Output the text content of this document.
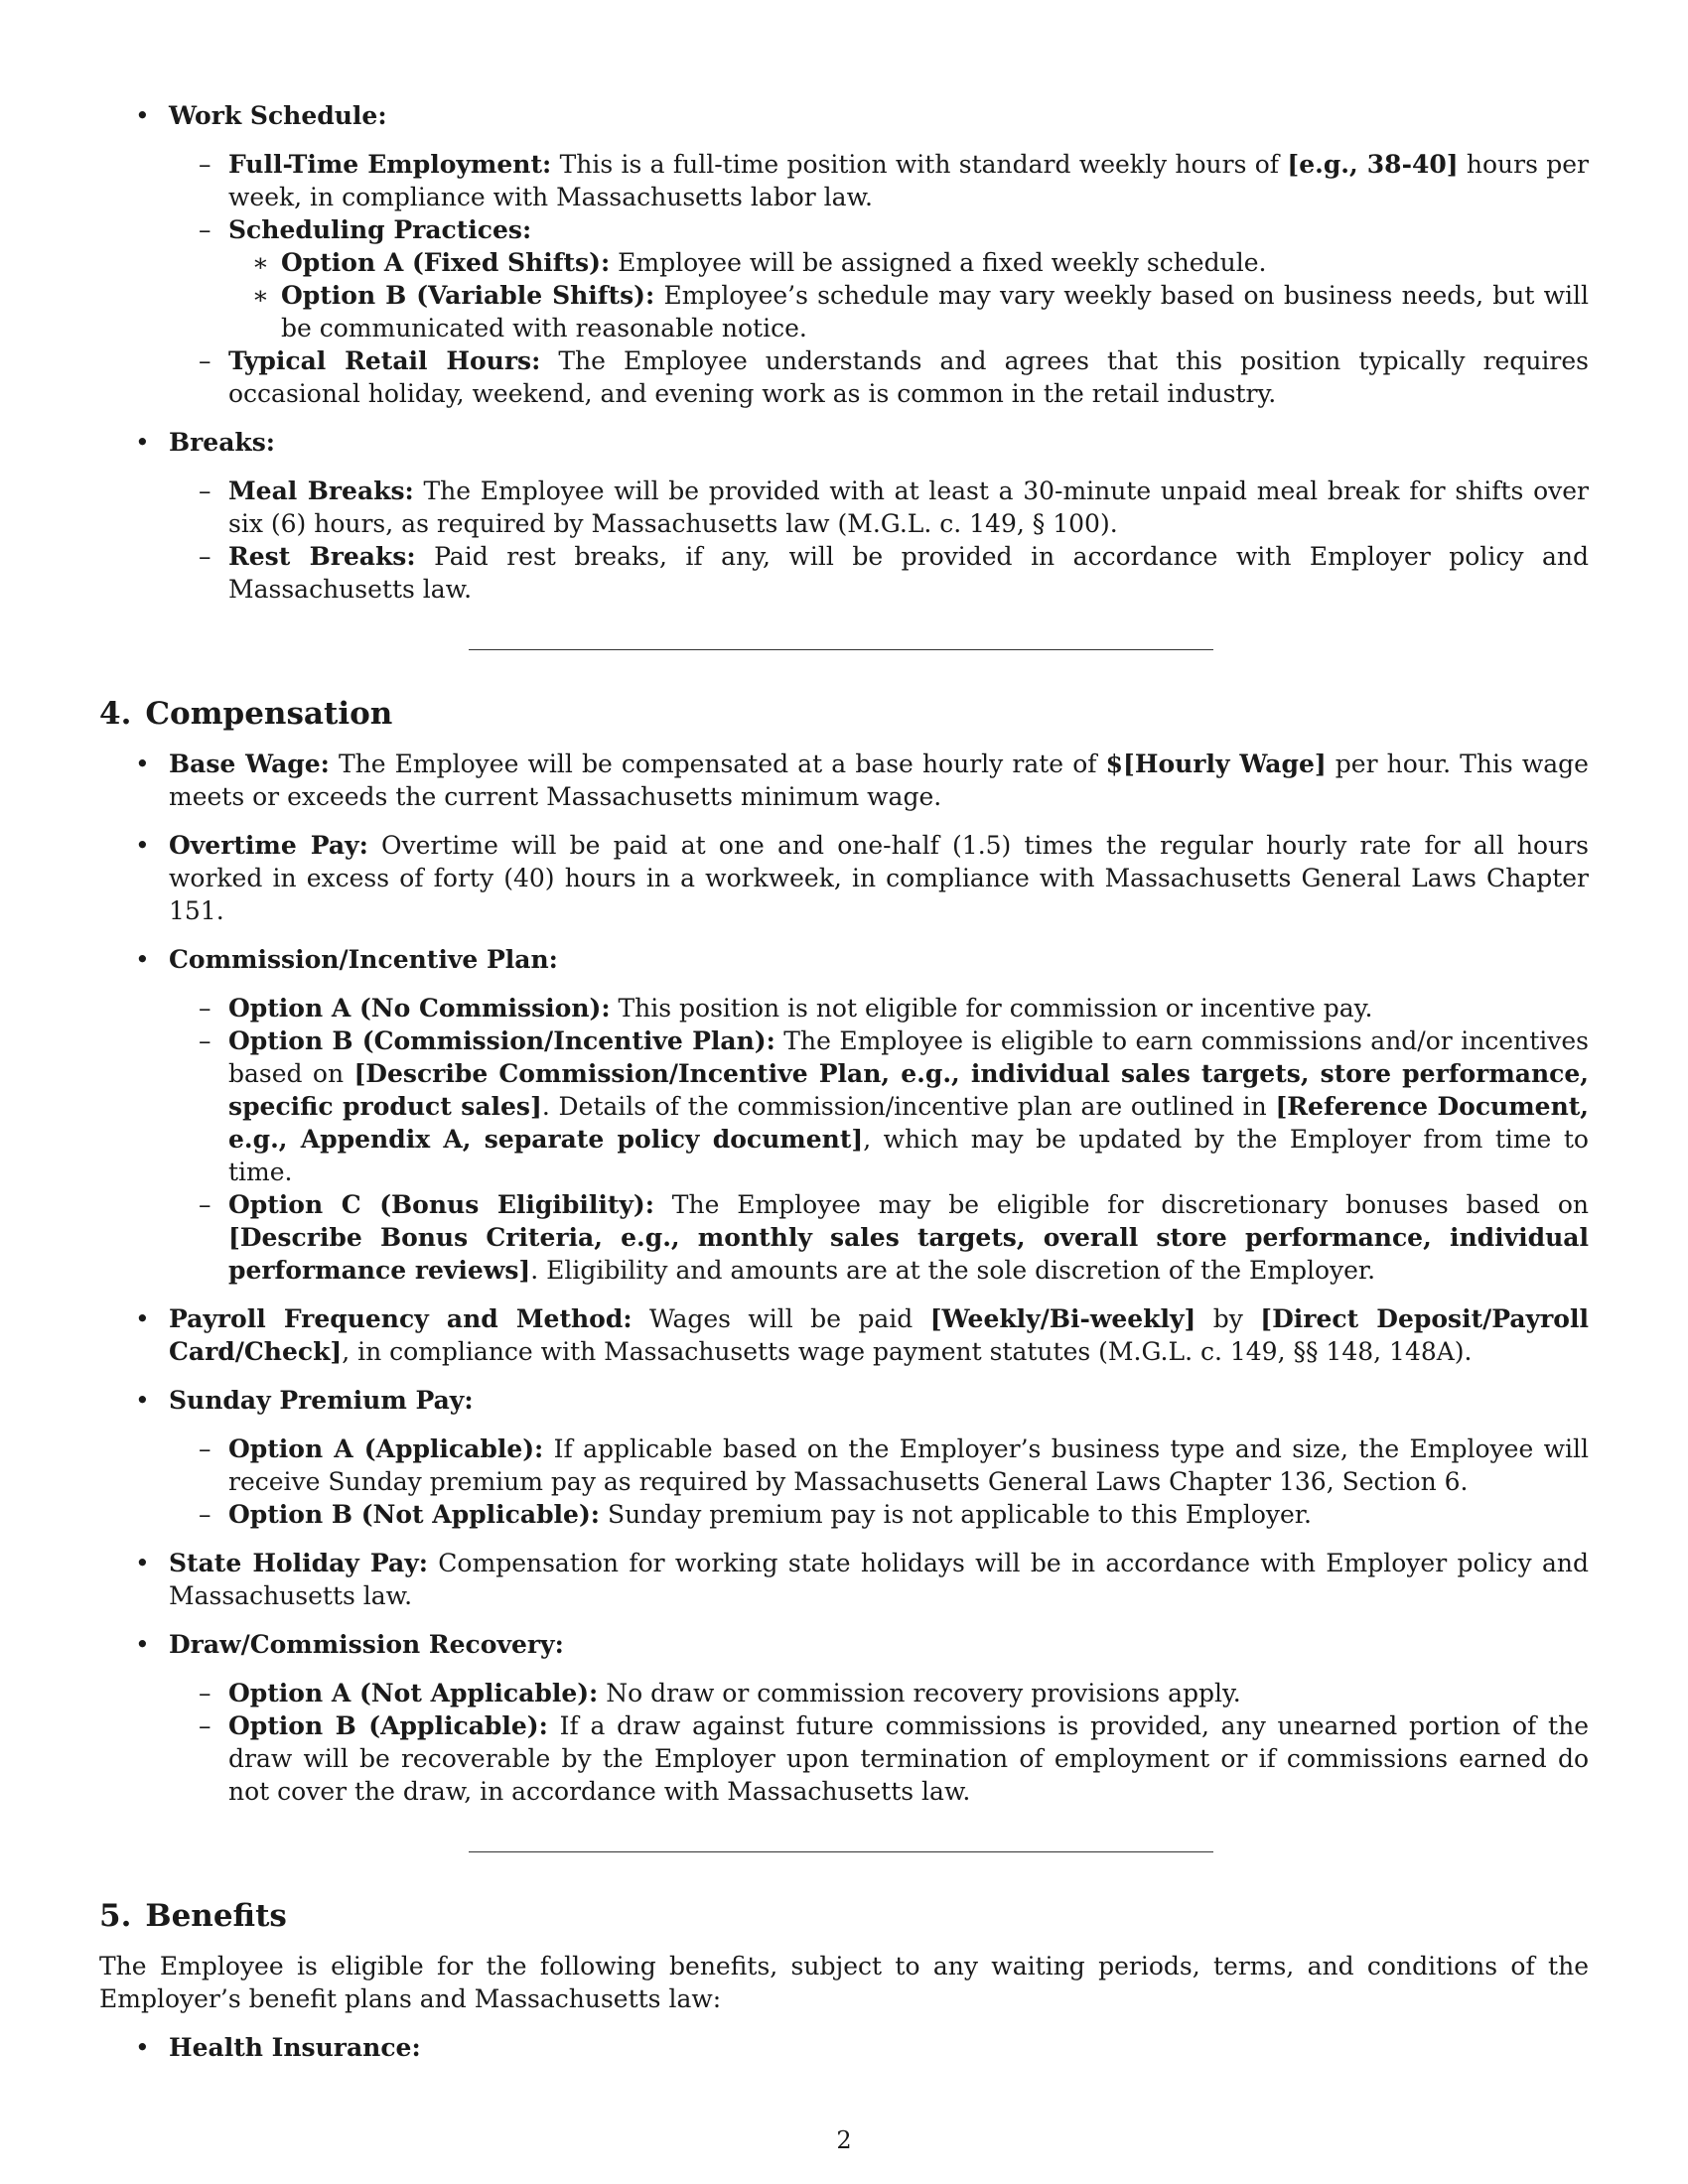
• Work Schedule:
– Full-Time Employment: This is a full-time position with standard weekly hours of [e.g., 38-40] hours per week, in compliance with Massachusetts labor law.
– Scheduling Practices:
∗ Option A (Fixed Shifts): Employee will be assigned a fixed weekly schedule.
∗ Option B (Variable Shifts): Employee’s schedule may vary weekly based on business needs, but will be communicated with reasonable notice.
– Typical Retail Hours: The Employee understands and agrees that this position typically requires occasional holiday, weekend, and evening work as is common in the retail industry.
• Breaks:
– Meal Breaks: The Employee will be provided with at least a 30-minute unpaid meal break for shifts over six (6) hours, as required by Massachusetts law (M.G.L. c. 149, § 100).
– Rest Breaks: Paid rest breaks, if any, will be provided in accordance with Employer policy and Massachusetts law.
4. Compensation
• Base Wage: The Employee will be compensated at a base hourly rate of $[Hourly Wage] per hour. This wage meets or exceeds the current Massachusetts minimum wage.
• Overtime Pay: Overtime will be paid at one and one-half (1.5) times the regular hourly rate for all hours worked in excess of forty (40) hours in a workweek, in compliance with Massachusetts General Laws Chapter 151.
• Commission/Incentive Plan:
– Option A (No Commission): This position is not eligible for commission or incentive pay.
– Option B (Commission/Incentive Plan): The Employee is eligible to earn commissions and/or incentives based on [Describe Commission/Incentive Plan, e.g., individual sales targets, store performance, specific product sales]. Details of the commission/incentive plan are outlined in [Reference Document, e.g., Appendix A, separate policy document], which may be updated by the Employer from time to time.
– Option C (Bonus Eligibility): The Employee may be eligible for discretionary bonuses based on [Describe Bonus Criteria, e.g., monthly sales targets, overall store performance, individual performance reviews]. Eligibility and amounts are at the sole discretion of the Employer.
• Payroll Frequency and Method: Wages will be paid [Weekly/Bi-weekly] by [Direct Deposit/Payroll Card/Check], in compliance with Massachusetts wage payment statutes (M.G.L. c. 149, §§ 148, 148A).
• Sunday Premium Pay:
– Option A (Applicable): If applicable based on the Employer’s business type and size, the Employee will receive Sunday premium pay as required by Massachusetts General Laws Chapter 136, Section 6.
– Option B (Not Applicable): Sunday premium pay is not applicable to this Employer.
• State Holiday Pay: Compensation for working state holidays will be in accordance with Employer policy and Massachusetts law.
• Draw/Commission Recovery:
– Option A (Not Applicable): No draw or commission recovery provisions apply.
– Option B (Applicable): If a draw against future commissions is provided, any unearned portion of the draw will be recoverable by the Employer upon termination of employment or if commissions earned do not cover the draw, in accordance with Massachusetts law.
5. Benefits
The Employee is eligible for the following benefits, subject to any waiting periods, terms, and conditions of the Employer’s benefit plans and Massachusetts law:
• Health Insurance:
2
